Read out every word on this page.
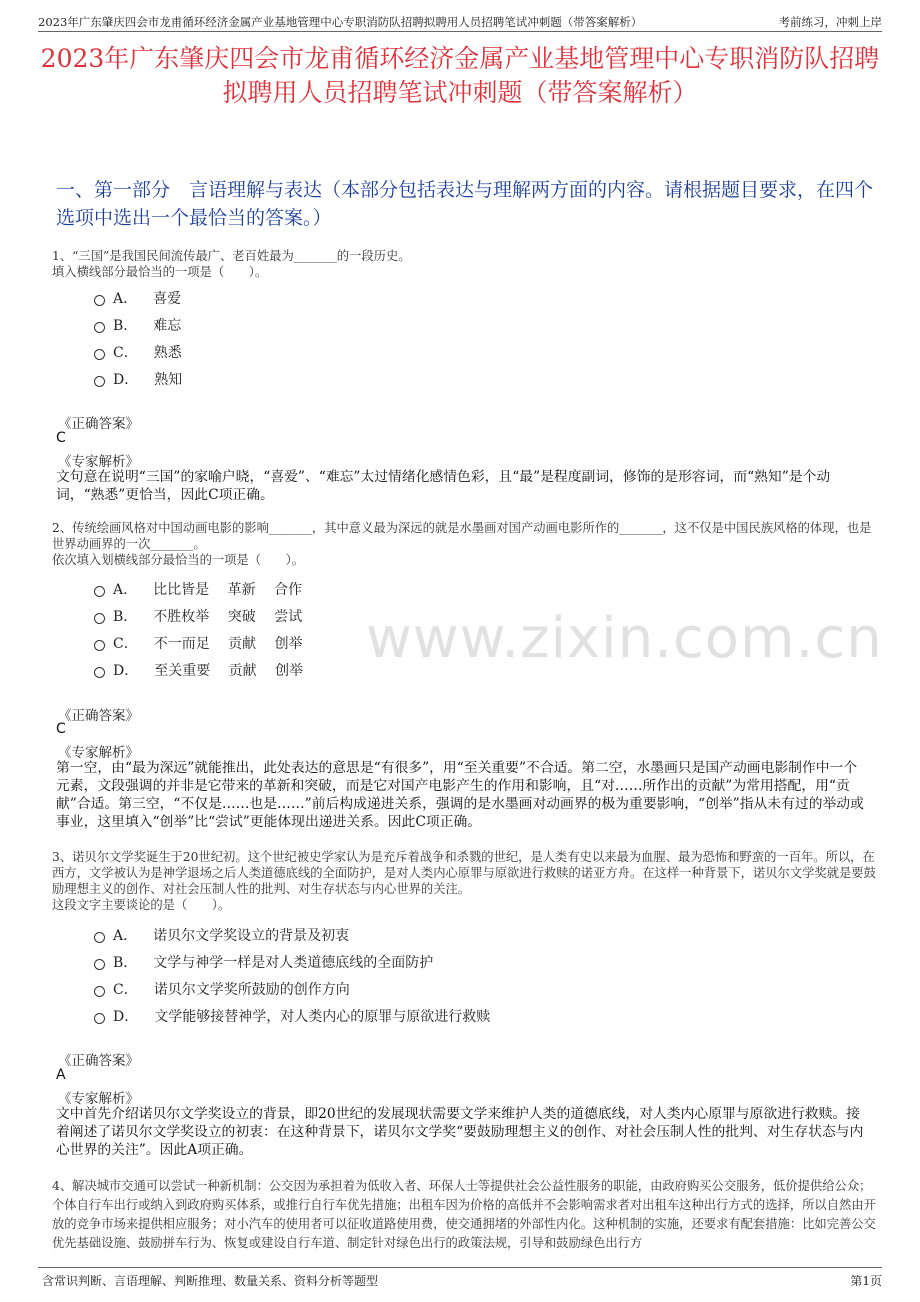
2023年广东肇庆四会市龙甫循环经济金属产业基地管理中心专职消防队招聘拟聘用人员招聘笔试冲刺题（带答案解析）	考前练习，冲刺上岸
2023年广东肇庆四会市龙甫循环经济金属产业基地管理中心专职消防队招聘拟聘用人员招聘笔试冲刺题（带答案解析）
一、第一部分　言语理解与表达（本部分包括表达与理解两方面的内容。请根据题目要求，在四个选项中选出一个最恰当的答案。）
www.zixin.com.cn
1、“三国”是我国民间流传最广、老百姓最为_______的一段历史。
填入横线部分最恰当的一项是（　　）。
A． 喜爱
B． 难忘
C． 熟悉
D． 熟知
《正确答案》
C
《专家解析》
文句意在说明“三国”的家喻户晓，“喜爱”、“难忘”太过情绪化感情色彩，且“最”是程度副词，修饰的是形容词，而“熟知”是个动词，“熟悉”更恰当，因此C项正确。
2、传统绘画风格对中国动画电影的影响_______，其中意义最为深远的就是水墨画对国产动画电影所作的_______，这不仅是中国民族风格的体现，也是世界动画界的一次_______。
依次填入划横线部分最恰当的一项是（　　）。
A． 比比皆是　 革新　 合作
B． 不胜枚举　 突破　 尝试
C． 不一而足　 贡献　 创举
D． 至关重要　 贡献　 创举
《正确答案》
C
《专家解析》
第一空，由“最为深远”就能推出，此处表达的意思是“有很多”，用“至关重要”不合适。第二空，水墨画只是国产动画电影制作中一个元素，文段强调的并非是它带来的革新和突破，而是它对国产电影产生的作用和影响，且“对……所作出的贡献”为常用搭配，用“贡献”合适。第三空，“不仅是……也是……”前后构成递进关系，强调的是水墨画对动画界的极为重要影响，“创举”指从未有过的举动或事业，这里填入“创举”比“尝试”更能体现出递进关系。因此C项正确。
3、诺贝尔文学奖诞生于20世纪初。这个世纪被史学家认为是充斥着战争和杀戮的世纪，是人类有史以来最为血腥、最为恐怖和野蛮的一百年。所以，在西方，文学被认为是神学退场之后人类道德底线的全面防护，是对人类内心原罪与原欲进行救赎的诺亚方舟。在这样一种背景下，诺贝尔文学奖就是要鼓励理想主义的创作、对社会压制人性的批判、对生存状态与内心世界的关注。
这段文字主要谈论的是（　　）。
A． 诺贝尔文学奖设立的背景及初衷
B． 文学与神学一样是对人类道德底线的全面防护
C． 诺贝尔文学奖所鼓励的创作方向
D． 文学能够接替神学，对人类内心的原罪与原欲进行救赎
《正确答案》
A
《专家解析》
文中首先介绍诺贝尔文学奖设立的背景，即20世纪的发展现状需要文学来维护人类的道德底线，对人类内心原罪与原欲进行救赎。接着阐述了诺贝尔文学奖设立的初衷：在这种背景下，诺贝尔文学奖“要鼓励理想主义的创作、对社会压制人性的批判、对生存状态与内心世界的关注”。因此A项正确。
4、解决城市交通可以尝试一种新机制：公交因为承担着为低收入者、环保人士等提供社会公益性服务的职能，由政府购买公交服务，低价提供给公众；个体自行车出行或纳入到政府购买体系，或推行自行车优先措施；出租车因为价格的高低并不会影响需求者对出租车这种出行方式的选择，所以自然由开放的竞争市场来提供相应服务；对小汽车的使用者可以征收道路使用费，使交通拥堵的外部性内化。这种机制的实施，还要求有配套措施：比如完善公交优先基础设施、鼓励拼车行为、恢复或建设自行车道、制定针对绿色出行的政策法规，引导和鼓励绿色出行方
含常识判断、言语理解、判断推理、数量关系、资料分析等题型	第1页
